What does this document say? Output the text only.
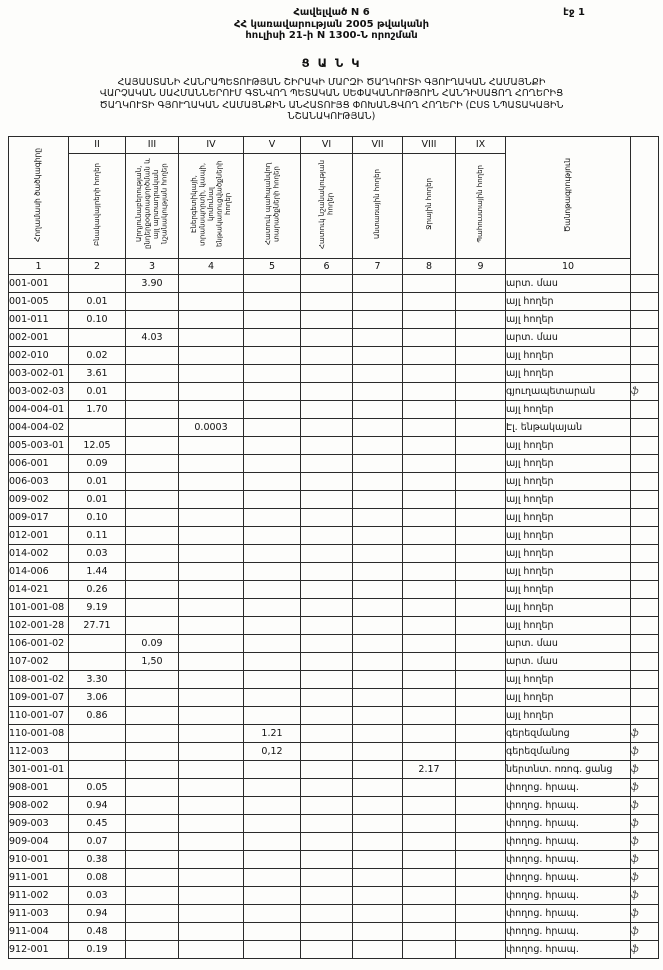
էջ 1
Հավելված N 6
ՀՀ կառավարության 2005 թվականի
հուլիսի 21-ի N 1300-Ն որոշման
Ց Ա Ն Կ
ՀԱՅԱՍՏԱՆԻ ՀԱՆՐԱՊԵՏՈՒԹՅԱՆ ՇԻՐԱԿԻ ՄԱՐԶԻ ԾԱՂԿՈՒՏԻ ԳՅՈՒՂԱԿԱՆ ՀԱՄԱՅՆՔԻ
ՎԱՐՉԱԿԱՆ ՍԱՀՄԱՆՆԵՐՈՒՄ ԳՏՆՎՈՂ ՊԵՏԱԿԱՆ ՍԵՓԱԿԱՆՈՒԹՅՈՒՆ ՀԱՆԴԻՍԱՑՈՂ ՀՈՂԵՐԻՑ
ԾԱՂԿՈՒՏԻ ԳՅՈՒՂԱԿԱՆ ՀԱՄԱՅՆՔԻՆ ԱՆՀԱՏՈՒՅՑ ՓՈԽԱՆՑՎՈՂ ՀՈՂԵՐԻ (ԸՍՏ ՆՊԱՏԱԿԱՅԻՆ
ՆՇԱՆԱԿՈՒԹՅԱՆ)
Հողամասի ծածկագիրը	II	III	IV	V	VI	VII	VIII	IX	Ծանոթագրություն	
	Բնակավայրերի հողեր	Արդյունաբերության, ընդերքօգտագործման և այլ արտադրական նշանակության հողեր	Էներգետիկայի, տրանսպորտի, կապի, կոմունալ ենթակառուցվածքների հողեր	Հատուկ պահպանվող տարածքների հողեր	Հատուկ նշանակության հողեր	Անտառային հողեր	Ջրային հողեր	Պահուստային հողեր		
1	2	3	4	5	6	7	8	9	10	
001-001		3.90							արտ. մաս	
001-005	0.01								այլ հողեր	
001-011	0.10								այլ հողեր	
002-001		4.03							արտ. մաս	
002-010	0.02								այլ հողեր	
003-002-01	3.61								այլ հողեր	
003-002-03	0.01								գյուղապետարան	ֆ
004-004-01	1.70								այլ հողեր	
004-004-02			0.0003						Էլ. ենթակայան	
005-003-01	12.05								այլ հողեր	
006-001	0.09								այլ հողեր	
006-003	0.01								այլ հողեր	
009-002	0.01								այլ հողեր	
009-017	0.10								այլ հողեր	
012-001	0.11								այլ հողեր	
014-002	0.03								այլ հողեր	
014-006	1.44								այլ հողեր	
014-021	0.26								այլ հողեր	
101-001-08	9.19								այլ հողեր	
102-001-28	27.71								այլ հողեր	
106-001-02		0.09							արտ. մաս	
107-002		1,50							արտ. մաս	
108-001-02	3.30								այլ հողեր	
109-001-07	3.06								այլ հողեր	
110-001-07	0.86								այլ հողեր	
110-001-08				1.21					գերեզմանոց	ֆ
112-003				0,12					գերեզմանոց	ֆ
301-001-01							2.17		ներտնտ. ոռոգ. ցանց	ֆ
908-001	0.05								փողոց. հրապ.	ֆ
908-002	0.94								փողոց. հրապ.	ֆ
909-003	0.45								փողոց. հրապ.	ֆ
909-004	0.07								փողոց. հրապ.	ֆ
910-001	0.38								փողոց. հրապ.	ֆ
911-001	0.08								փողոց. հրապ.	ֆ
911-002	0.03								փողոց. հրապ.	ֆ
911-003	0.94								փողոց. հրապ.	ֆ
911-004	0.48								փողոց. հրապ.	ֆ
912-001	0.19								փողոց. հրապ.	ֆ
